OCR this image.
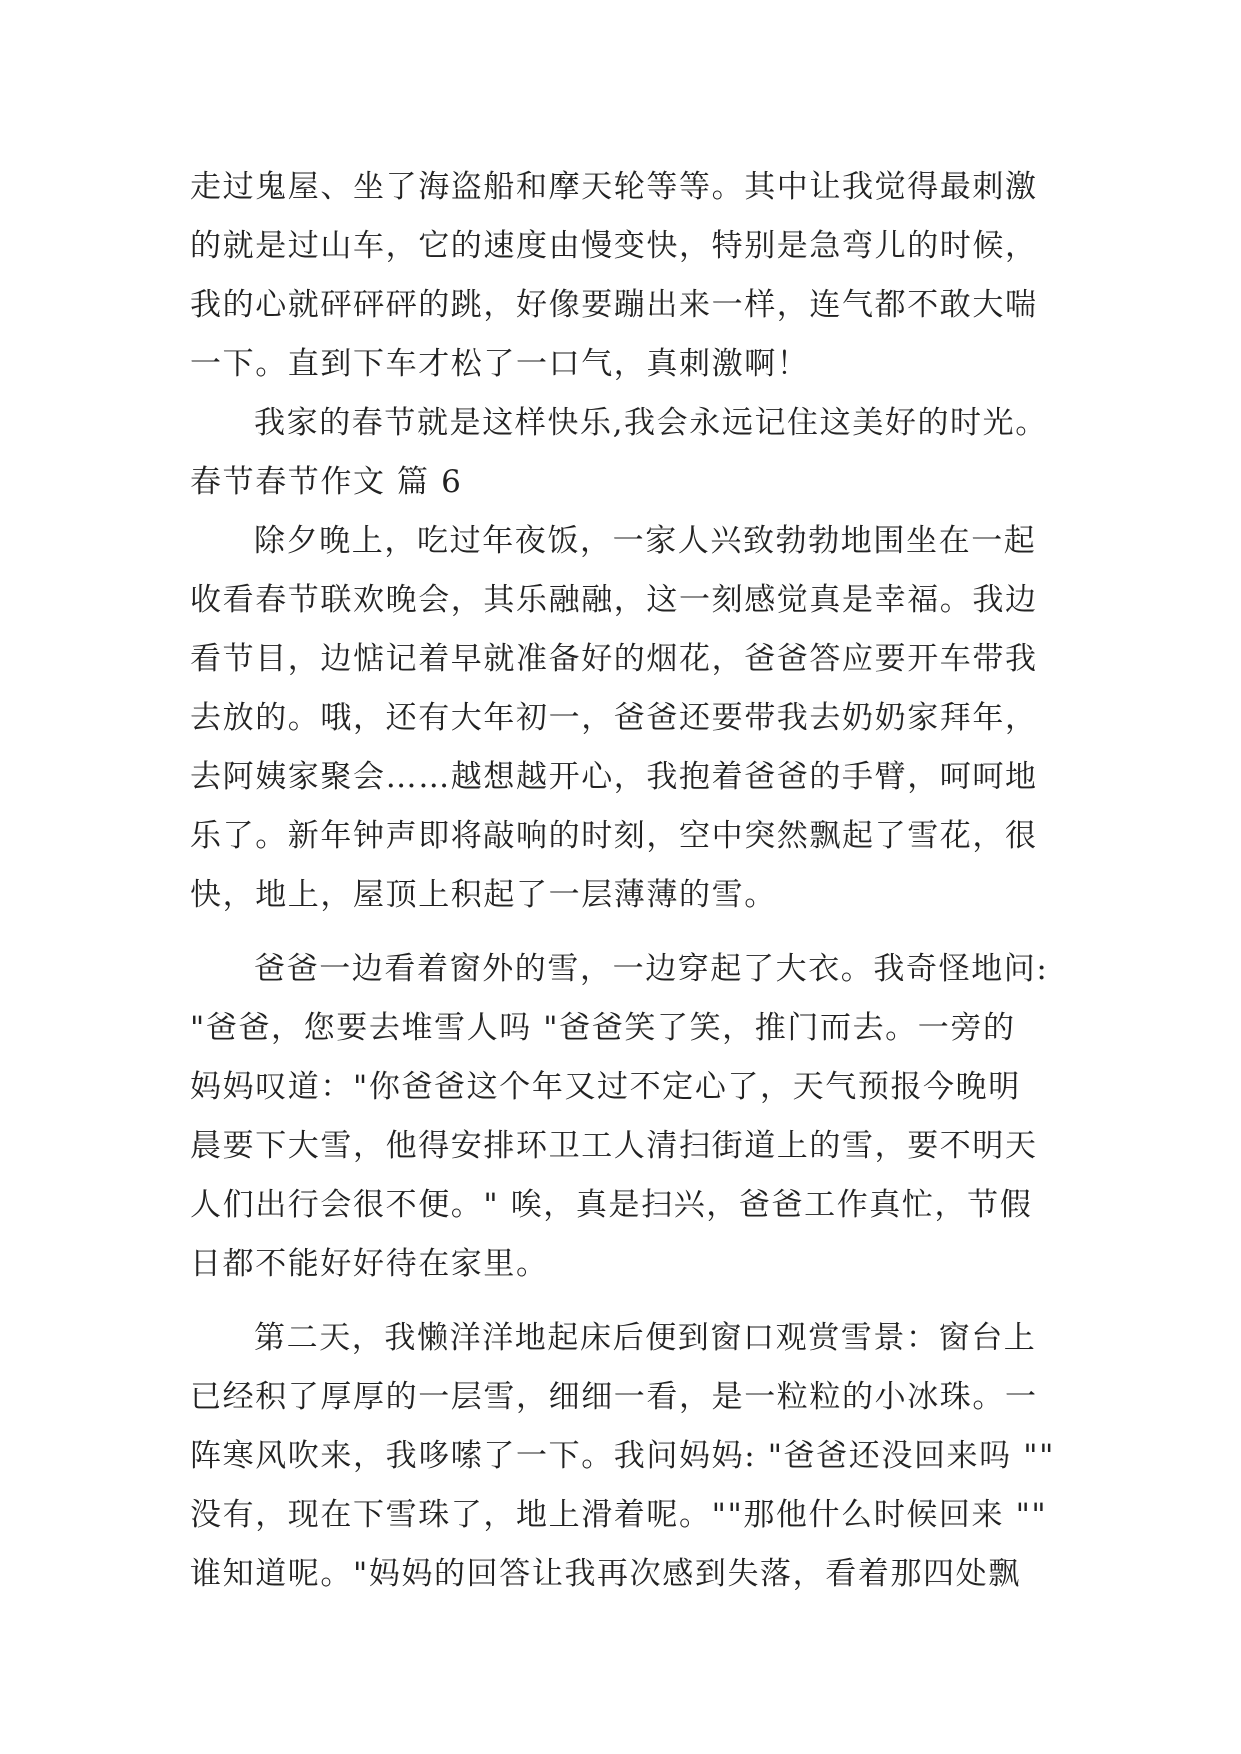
走过鬼屋、坐了海盗船和摩天轮等等。其中让我觉得最刺激
的就是过山车，它的速度由慢变快，特别是急弯儿的时候，
我的心就砰砰砰的跳，好像要蹦出来一样，连气都不敢大喘
一下。直到下车才松了一口气，真刺激啊！
我家的春节就是这样快乐,我会永远记住这美好的时光。
春节春节作文 篇 6
除夕晚上，吃过年夜饭，一家人兴致勃勃地围坐在一起
收看春节联欢晚会，其乐融融，这一刻感觉真是幸福。我边
看节目，边惦记着早就准备好的烟花，爸爸答应要开车带我
去放的。哦，还有大年初一，爸爸还要带我去奶奶家拜年，
去阿姨家聚会……越想越开心，我抱着爸爸的手臂，呵呵地
乐了。新年钟声即将敲响的时刻，空中突然飘起了雪花，很
快，地上，屋顶上积起了一层薄薄的雪。
爸爸一边看着窗外的雪，一边穿起了大衣。我奇怪地问:
"爸爸，您要去堆雪人吗 "爸爸笑了笑，推门而去。一旁的
妈妈叹道："你爸爸这个年又过不定心了，天气预报今晚明
晨要下大雪，他得安排环卫工人清扫街道上的雪，要不明天
人们出行会很不便。" 唉，真是扫兴，爸爸工作真忙，节假
日都不能好好待在家里。
第二天，我懒洋洋地起床后便到窗口观赏雪景：窗台上
已经积了厚厚的一层雪，细细一看，是一粒粒的小冰珠。一
阵寒风吹来，我哆嗦了一下。我问妈妈: "爸爸还没回来吗 ""
没有，现在下雪珠了，地上滑着呢。""那他什么时候回来 ""
谁知道呢。"妈妈的回答让我再次感到失落，看着那四处飘
